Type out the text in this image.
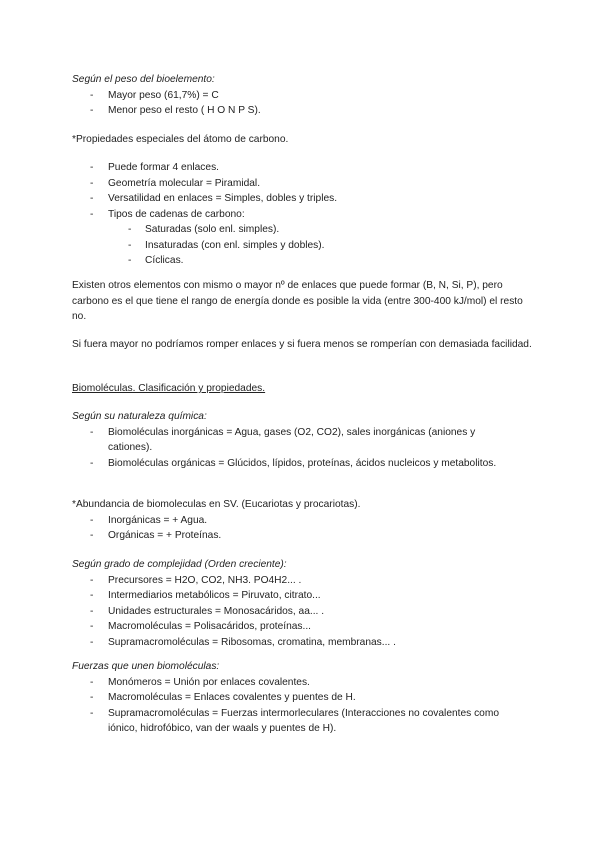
Según el peso del bioelemento:
- Mayor peso (61,7%) = C
- Menor peso el resto ( H O N P S).
*Propiedades especiales del átomo de carbono.
- Puede formar 4 enlaces.
- Geometría molecular = Piramidal.
- Versatilidad en enlaces = Simples, dobles y triples.
- Tipos de cadenas de carbono:
- Saturadas (solo enl. simples).
- Insaturadas (con enl. simples y dobles).
- Cíclicas.
Existen otros elementos con mismo o mayor nº de enlaces que puede formar (B, N, Si, P), pero carbono es el que tiene el rango de energía donde es posible la vida (entre 300-400 kJ/mol) el resto no.
Si fuera mayor no podríamos romper enlaces y si fuera menos se romperían con demasiada facilidad.
Biomoléculas. Clasificación y propiedades.
Según su naturaleza química:
- Biomoléculas inorgánicas = Agua, gases (O2, CO2), sales inorgánicas (aniones y cationes).
- Biomoléculas orgánicas = Glúcidos, lípidos, proteínas, ácidos nucleicos y metabolitos.
*Abundancia de biomoleculas en SV. (Eucariotas y procariotas).
- Inorgánicas = + Agua.
- Orgánicas = + Proteínas.
Según grado de complejidad (Orden creciente):
- Precursores = H2O, CO2, NH3. PO4H2... .
- Intermediarios metabólicos = Piruvato, citrato...
- Unidades estructurales = Monosacáridos, aa... .
- Macromoléculas = Polisacáridos, proteínas...
- Supramacromoléculas = Ribosomas, cromatina, membranas... .
Fuerzas que unen biomoléculas:
- Monómeros = Unión por enlaces covalentes.
- Macromoléculas = Enlaces covalentes y puentes de H.
- Supramacromoléculas = Fuerzas intermorleculares (Interacciones no covalentes como iónico, hidrofóbico, van der waals y puentes de H).
